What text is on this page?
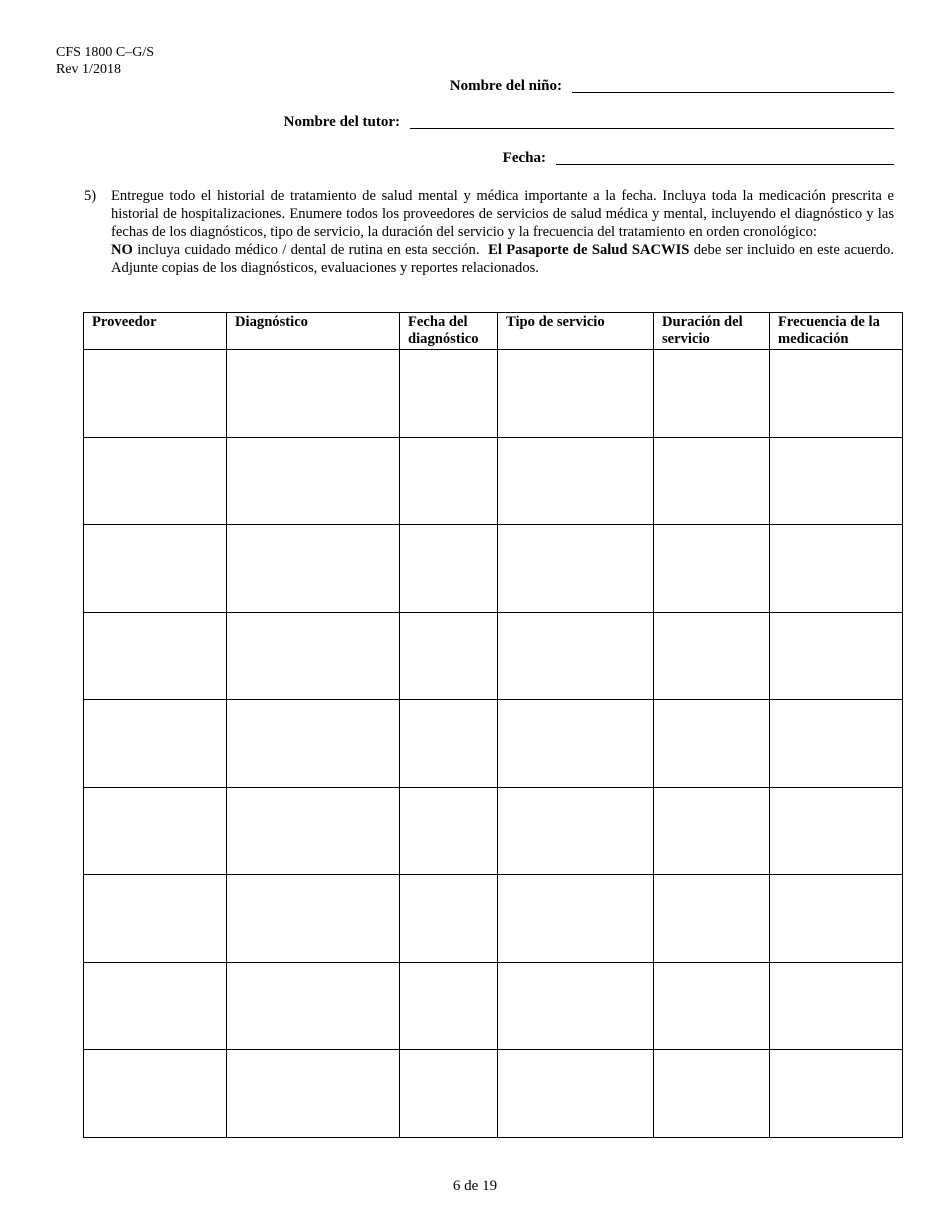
CFS 1800 C–G/S
Rev 1/2018
Nombre del niño:
Nombre del tutor:
Fecha:
5) Entregue todo el historial de tratamiento de salud mental y médica importante a la fecha. Incluya toda la medicación prescrita e historial de hospitalizaciones. Enumere todos los proveedores de servicios de salud médica y mental, incluyendo el diagnóstico y las fechas de los diagnósticos, tipo de servicio, la duración del servicio y la frecuencia del tratamiento en orden cronológico:

NO incluya cuidado médico / dental de rutina en esta sección.  El Pasaporte de Salud SACWIS debe ser incluido en este acuerdo. Adjunte copias de los diagnósticos, evaluaciones y reportes relacionados.

Proveedor	Diagnóstico	Fecha del diagnóstico	Tipo de servicio	Duración del servicio	Frecuencia de la medicación

6 de 19
